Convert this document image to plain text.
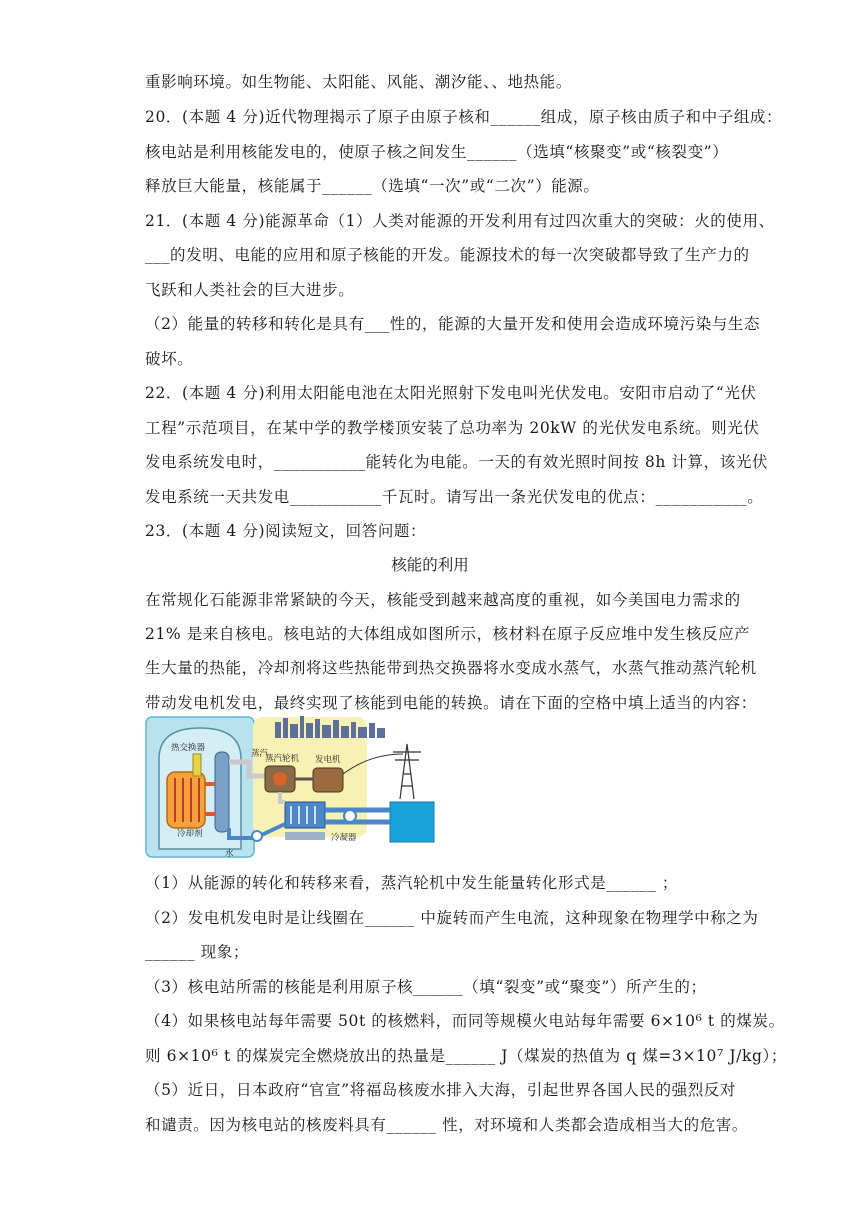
重影响环境。如生物能、太阳能、风能、潮汐能、、地热能。
20．(本题 4 分)近代物理揭示了原子由原子核和______组成，原子核由质子和中子组成：
核电站是利用核能发电的，使原子核之间发生______（选填“核聚变”或“核裂变”）
释放巨大能量，核能属于______（选填“一次”或“二次”）能源。
21．(本题 4 分)能源革命（1）人类对能源的开发利用有过四次重大的突破：火的使用、
___的发明、电能的应用和原子核能的开发。能源技术的每一次突破都导致了生产力的
飞跃和人类社会的巨大进步。
（2）能量的转移和转化是具有___性的，能源的大量开发和使用会造成环境污染与生态
破坏。
22．(本题 4 分)利用太阳能电池在太阳光照射下发电叫光伏发电。安阳市启动了“光伏
工程”示范项目，在某中学的教学楼顶安装了总功率为 20kW 的光伏发电系统。则光伏
发电系统发电时，___________能转化为电能。一天的有效光照时间按 8h 计算，该光伏
发电系统一天共发电___________千瓦时。请写出一条光伏发电的优点：___________。
23．(本题 4 分)阅读短文，回答问题：
核能的利用
在常规化石能源非常紧缺的今天，核能受到越来越高度的重视，如今美国电力需求的
21% 是来自核电。核电站的大体组成如图所示，核材料在原子反应堆中发生核反应产
生大量的热能，冷却剂将这些热能带到热交换器将水变成水蒸气，水蒸气推动蒸汽轮机
带动发电机发电，最终实现了核能到电能的转换。请在下面的空格中填上适当的内容：
热交换器
蒸汽
蒸汽轮机 发电机
冷却剂
水
冷凝器
（1）从能源的转化和转移来看，蒸汽轮机中发生能量转化形式是______ ；
（2）发电机发电时是让线圈在______ 中旋转而产生电流，这种现象在物理学中称之为
______ 现象；
（3）核电站所需的核能是利用原子核______（填“裂变”或“聚变”）所产生的；
（4）如果核电站每年需要 50t 的核燃料，而同等规模火电站每年需要 6×10⁶ t 的煤炭。
则 6×10⁶ t 的煤炭完全燃烧放出的热量是______ J（煤炭的热值为 q 煤=3×10⁷ J/kg）；
（5）近日，日本政府“官宣”将福岛核废水排入大海，引起世界各国人民的强烈反对
和谴责。因为核电站的核废料具有______ 性，对环境和人类都会造成相当大的危害。
